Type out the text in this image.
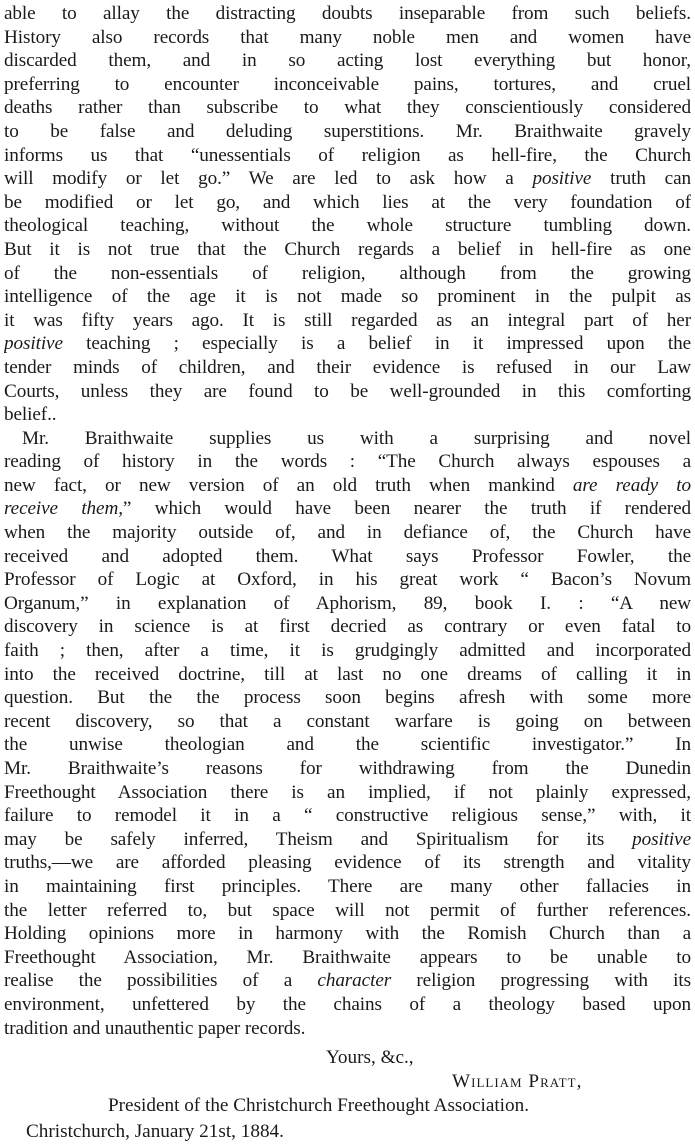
able to allay the distracting doubts inseparable from such beliefs.
History also records that many noble men and women have
discarded them, and in so acting lost everything but honor,
preferring to encounter inconceivable pains, tortures, and cruel
deaths rather than subscribe to what they conscientiously considered
to be false and deluding superstitions. Mr. Braithwaite gravely
informs us that “unessentials of religion as hell-fire, the Church
will modify or let go.” We are led to ask how a positive truth can
be modified or let go, and which lies at the very foundation of
theological teaching, without the whole structure tumbling down.
But it is not true that the Church regards a belief in hell-fire as one
of the non-essentials of religion, although from the growing
intelligence of the age it is not made so prominent in the pulpit as
it was fifty years ago. It is still regarded as an integral part of her
positive teaching ; especially is a belief in it impressed upon the
tender minds of children, and their evidence is refused in our Law
Courts, unless they are found to be well-grounded in this comforting
belief..
Mr. Braithwaite supplies us with a surprising and novel
reading of history in the words : “The Church always espouses a
new fact, or new version of an old truth when mankind are ready to
receive them,” which would have been nearer the truth if rendered
when the majority outside of, and in defiance of, the Church have
received and adopted them. What says Professor Fowler, the
Professor of Logic at Oxford, in his great work “ Bacon’s Novum
Organum,” in explanation of Aphorism, 89, book I. : “A new
discovery in science is at first decried as contrary or even fatal to
faith ; then, after a time, it is grudgingly admitted and incorporated
into the received doctrine, till at last no one dreams of calling it in
question. But the the process soon begins afresh with some more
recent discovery, so that a constant warfare is going on between
the unwise theologian and the scientific investigator.” In
Mr. Braithwaite’s reasons for withdrawing from the Dunedin
Freethought Association there is an implied, if not plainly expressed,
failure to remodel it in a “ constructive religious sense,” with, it
may be safely inferred, Theism and Spiritualism for its positive
truths,—we are afforded pleasing evidence of its strength and vitality
in maintaining first principles. There are many other fallacies in
the letter referred to, but space will not permit of further references.
Holding opinions more in harmony with the Romish Church than a
Freethought Association, Mr. Braithwaite appears to be unable to
realise the possibilities of a character religion progressing with its
environment, unfettered by the chains of a theology based upon
tradition and unauthentic paper records.
Yours, &c.,
William Pratt,
President of the Christchurch Freethought Association.
Christchurch, January 21st, 1884.
